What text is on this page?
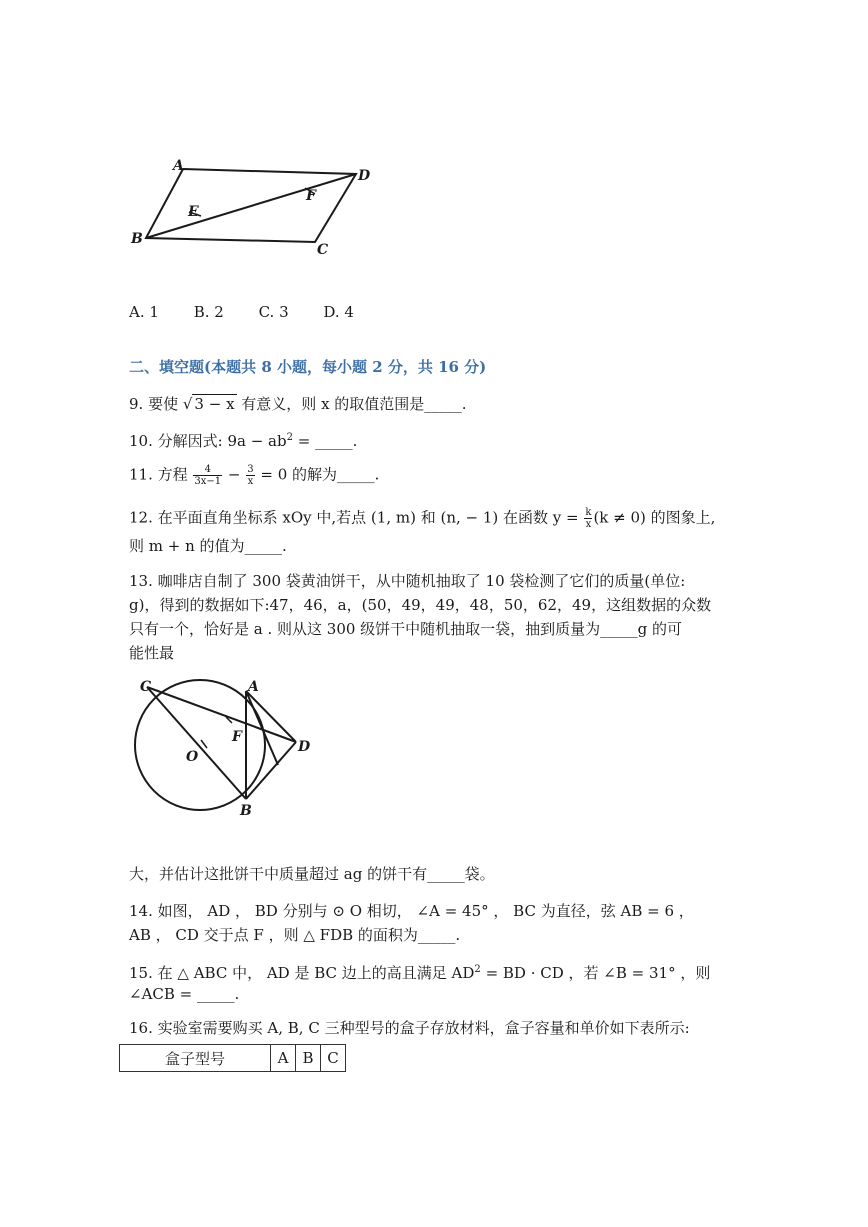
A
D
E
F
B
C
A. 1 B. 2 C. 3 D. 4
二、填空题(本题共 8 小题，每小题 2 分，共 16 分)
9. 要使 √ 3 − x 有意义，则 x 的取值范围是_____.
10. 分解因式: $9a - ab^2$ = _____.
11. 方程 $\frac{4}{3x-1} - \frac{3}{x} = 0$ 的解为_____.
12. 在平面直角坐标系 xOy 中,若点 (1, m) 和 (n, − 1) 在函数 $y = \frac{k}{x} (k \ne 0)$ 的图象上,
则 m + n 的值为_____.
13. 咖啡店自制了 300 袋黄油饼干，从中随机抽取了 10 袋检测了它们的质量(单位:
g)，得到的数据如下:47，46，a，(50，49，49，48，50，62，49，这组数据的众数
只有一个，恰好是 a . 则从这 300 级饼干中随机抽取一袋，抽到质量为_____g 的可
能性最
C	A
F
O
D
B
大，并估计这批饼干中质量超过 ag 的饼干有_____袋。
14. 如图， AD ， BD 分别与 ⊙ O 相切， ∠A = 45° ， BC 为直径，弦 AB = 6 ，
AB ， CD 交于点 F ，则 △ FDB 的面积为_____.
15. 在 △ ABC 中， AD 是 BC 边上的高且满足 $AD^2$ = BD · CD ，若 ∠B = 31° ，则
∠ACB = _____.
16. 实验室需要购买 A, B, C 三种型号的盒子存放材料，盒子容量和单价如下表所示:
盒子型号	A	B	C
